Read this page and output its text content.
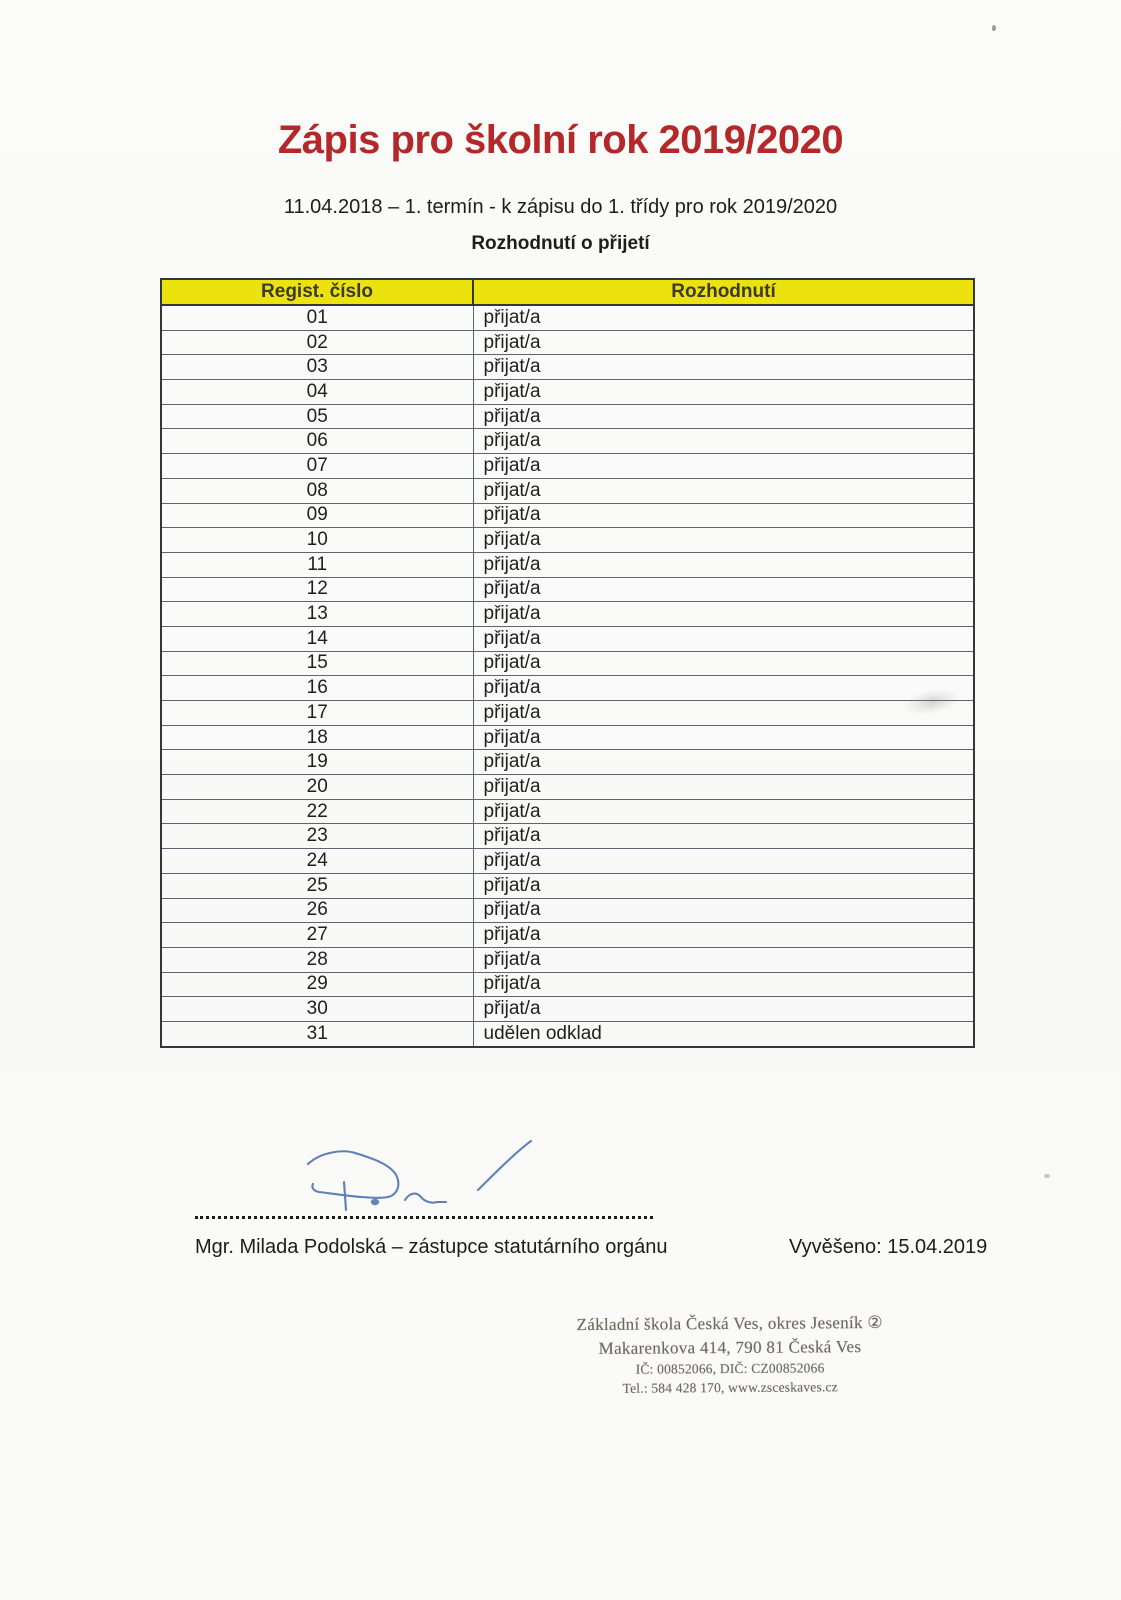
Zápis pro školní rok 2019/2020
11.04.2018 – 1. termín - k zápisu do 1. třídy pro rok 2019/2020
Rozhodnutí o přijetí
Regist. číslo	Rozhodnutí
01	přijat/a
02	přijat/a
03	přijat/a
04	přijat/a
05	přijat/a
06	přijat/a
07	přijat/a
08	přijat/a
09	přijat/a
10	přijat/a
11	přijat/a
12	přijat/a
13	přijat/a
14	přijat/a
15	přijat/a
16	přijat/a
17	přijat/a
18	přijat/a
19	přijat/a
20	přijat/a
22	přijat/a
23	přijat/a
24	přijat/a
25	přijat/a
26	přijat/a
27	přijat/a
28	přijat/a
29	přijat/a
30	přijat/a
31	udělen odklad
Mgr. Milada Podolská – zástupce statutárního orgánu	Vyvěšeno: 15.04.2019
Základní škola Česká Ves, okres Jeseník ②
Makarenkova 414, 790 81 Česká Ves
IČ: 00852066, DIČ: CZ00852066
Tel.: 584 428 170, www.zsceskaves.cz
